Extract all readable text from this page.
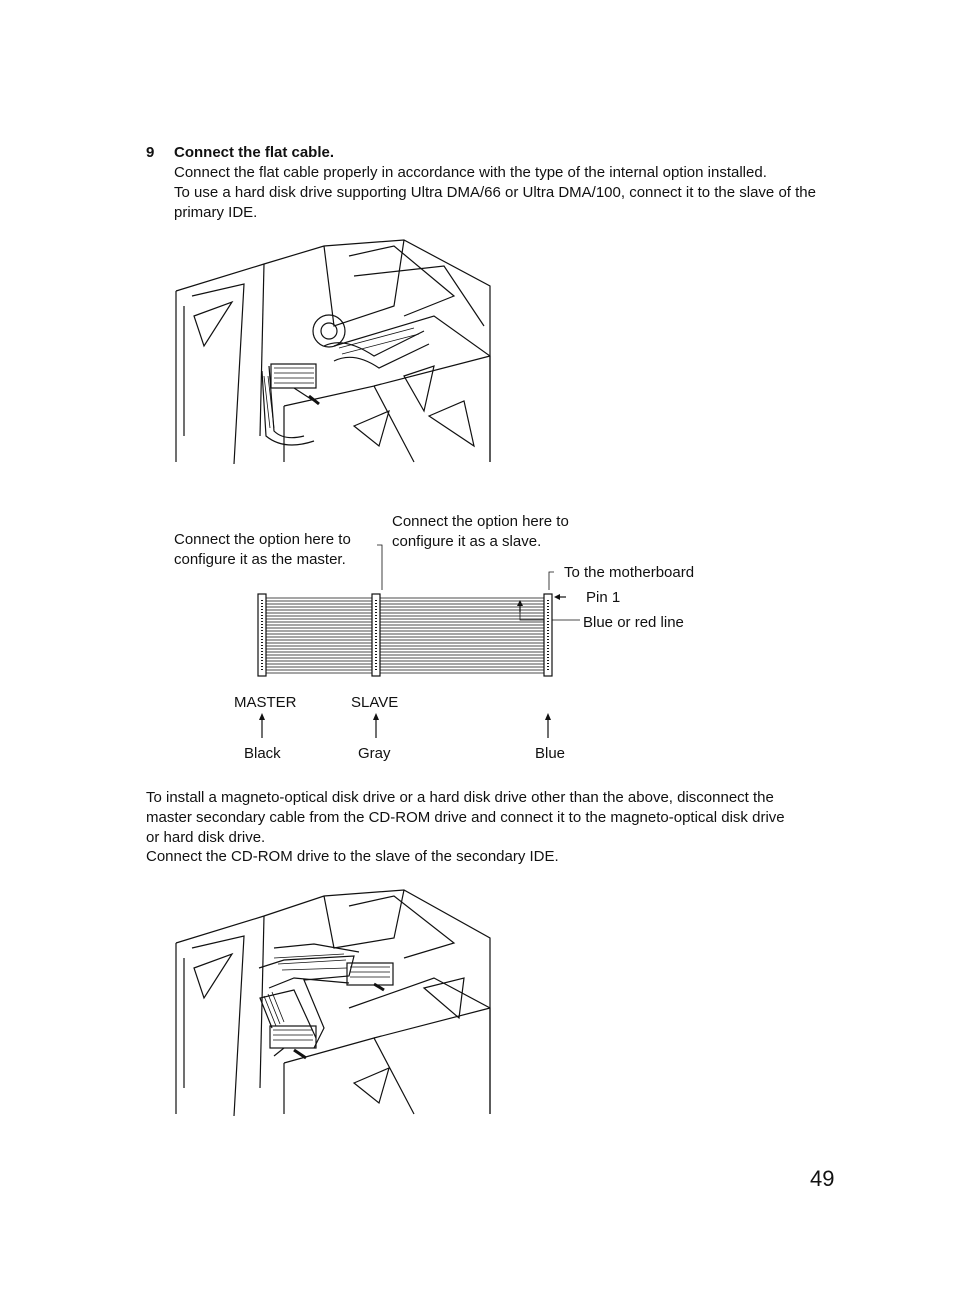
9 Connect the flat cable.
Connect the flat cable properly in accordance with the type of the internal option installed.
To use a hard disk drive supporting Ultra DMA/66 or Ultra DMA/100, connect it to the slave of the
primary IDE.
Connect the option here to
configure it as the master.
Connect the option here to
configure it as a slave.
To the motherboard
Pin 1
Blue or red line
MASTER	SLAVE
Black	Gray	Blue
To install a magneto-optical disk drive or a hard disk drive other than the above, disconnect the
master secondary cable from the CD-ROM drive and connect it to the magneto-optical disk drive
or hard disk drive.
Connect the CD-ROM drive to the slave of the secondary IDE.
49
